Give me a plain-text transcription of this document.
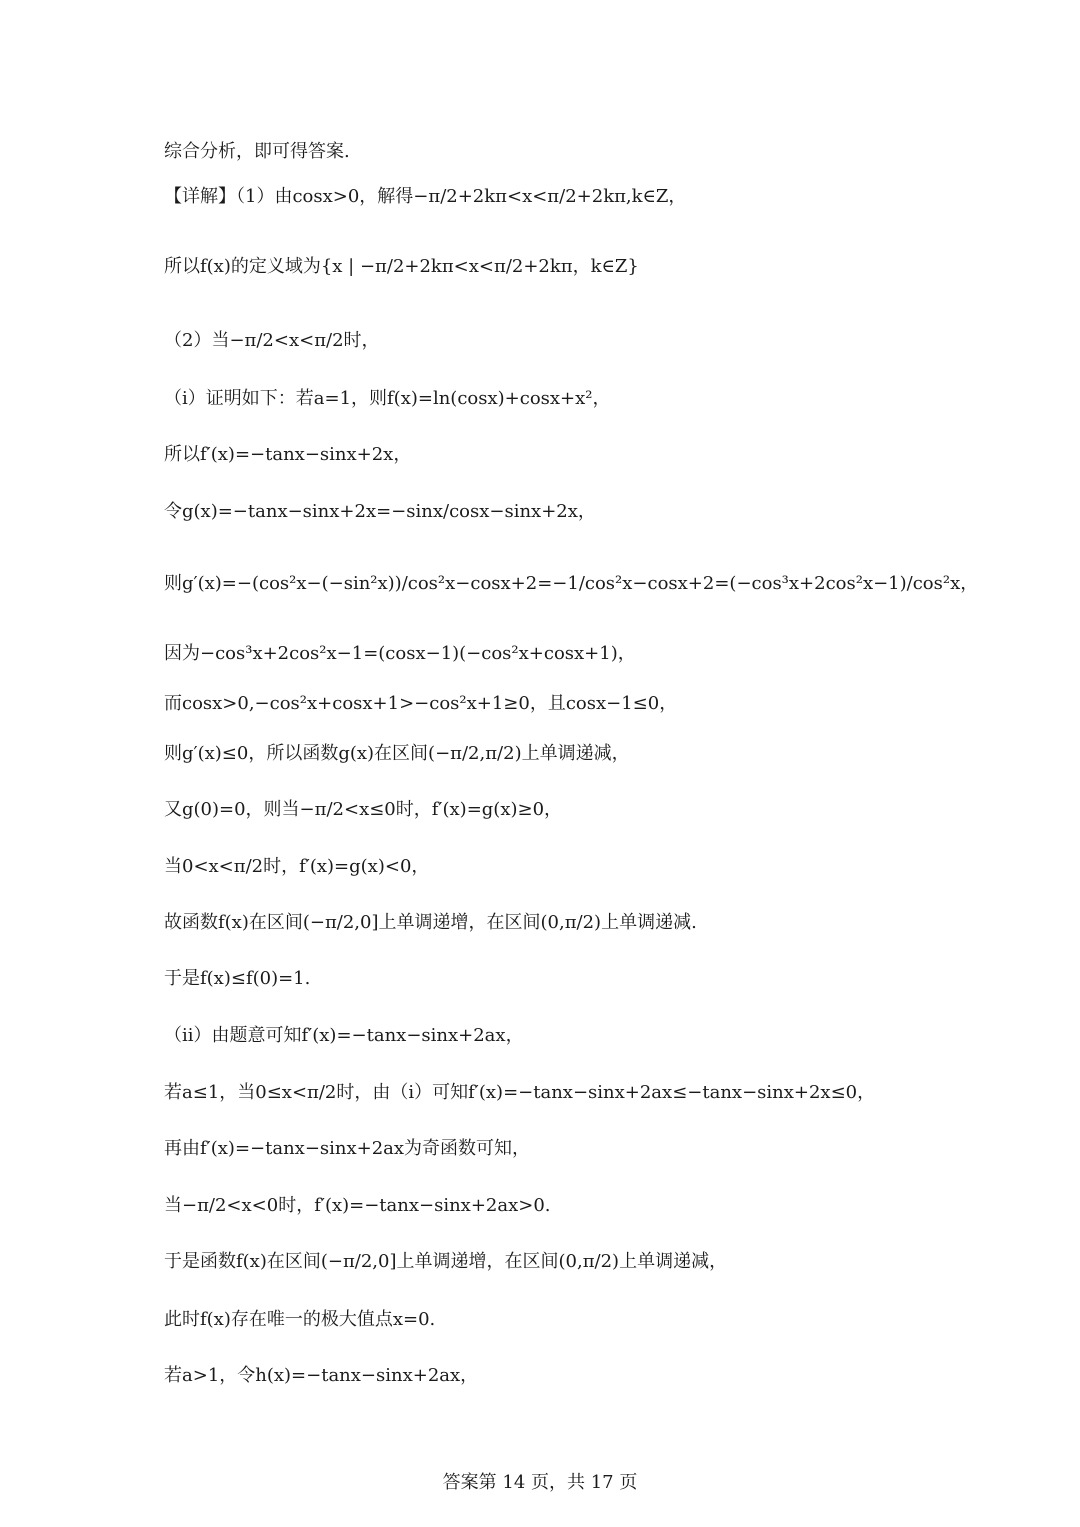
综合分析，即可得答案.
【详解】（1）由cosx>0，解得−π/2+2kπ<x<π/2+2kπ,k∈Z，
所以f(x)的定义域为{x | −π/2+2kπ<x<π/2+2kπ，k∈Z}
（2）当−π/2<x<π/2时，
（i）证明如下：若a=1，则f(x)=ln(cosx)+cosx+x²，
所以f′(x)=−tanx−sinx+2x，
令g(x)=−tanx−sinx+2x=−sinx/cosx−sinx+2x，
则g′(x)=−(cos²x−(−sin²x))/cos²x−cosx+2=−1/cos²x−cosx+2=(−cos³x+2cos²x−1)/cos²x，
因为−cos³x+2cos²x−1=(cosx−1)(−cos²x+cosx+1)，
而cosx>0,−cos²x+cosx+1>−cos²x+1≥0，且cosx−1≤0，
则g′(x)≤0，所以函数g(x)在区间(−π/2,π/2)上单调递减，
又g(0)=0，则当−π/2<x≤0时，f′(x)=g(x)≥0，
当0<x<π/2时，f′(x)=g(x)<0，
故函数f(x)在区间(−π/2,0]上单调递增，在区间(0,π/2)上单调递减.
于是f(x)≤f(0)=1.
（ii）由题意可知f′(x)=−tanx−sinx+2ax，
若a≤1，当0≤x<π/2时，由（i）可知f′(x)=−tanx−sinx+2ax≤−tanx−sinx+2x≤0，
再由f′(x)=−tanx−sinx+2ax为奇函数可知，
当−π/2<x<0时，f′(x)=−tanx−sinx+2ax>0.
于是函数f(x)在区间(−π/2,0]上单调递增，在区间(0,π/2)上单调递减，
此时f(x)存在唯一的极大值点x=0.
若a>1，令h(x)=−tanx−sinx+2ax，
答案第 14 页，共 17 页
